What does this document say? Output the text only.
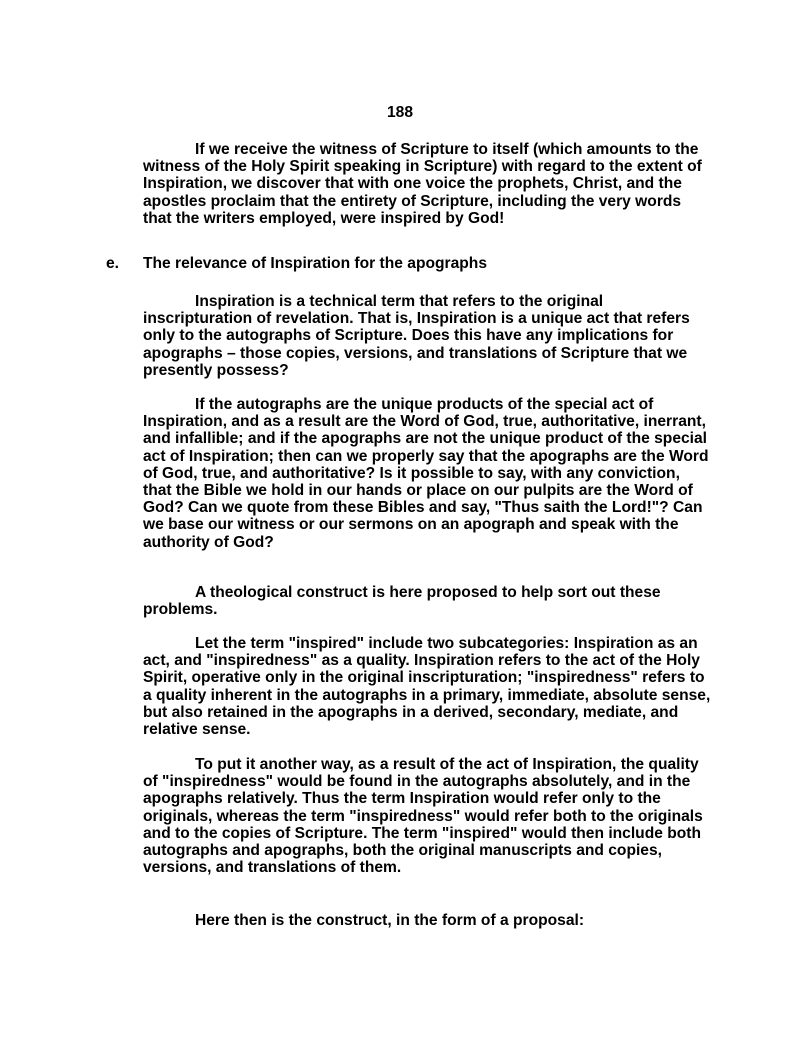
188

If we receive the witness of Scripture to itself (which amounts to the witness of the Holy Spirit speaking in Scripture) with regard to the extent of Inspiration, we discover that with one voice the prophets, Christ, and the apostles proclaim that the entirety of Scripture, including the very words that the writers employed, were inspired by God!

e. The relevance of Inspiration for the apographs

Inspiration is a technical term that refers to the original inscripturation of revelation. That is, Inspiration is a unique act that refers only to the autographs of Scripture. Does this have any implications for apographs – those copies, versions, and translations of Scripture that we presently possess?

If the autographs are the unique products of the special act of Inspiration, and as a result are the Word of God, true, authoritative, inerrant, and infallible; and if the apographs are not the unique product of the special act of Inspiration; then can we properly say that the apographs are the Word of God, true, and authoritative? Is it possible to say, with any conviction, that the Bible we hold in our hands or place on our pulpits are the Word of God? Can we quote from these Bibles and say, "Thus saith the Lord!"? Can we base our witness or our sermons on an apograph and speak with the authority of God?

A theological construct is here proposed to help sort out these problems.

Let the term "inspired" include two subcategories: Inspiration as an act, and "inspiredness" as a quality. Inspiration refers to the act of the Holy Spirit, operative only in the original inscripturation; "inspiredness" refers to a quality inherent in the autographs in a primary, immediate, absolute sense, but also retained in the apographs in a derived, secondary, mediate, and relative sense.

To put it another way, as a result of the act of Inspiration, the quality of "inspiredness" would be found in the autographs absolutely, and in the apographs relatively. Thus the term Inspiration would refer only to the originals, whereas the term "inspiredness" would refer both to the originals and to the copies of Scripture. The term "inspired" would then include both autographs and apographs, both the original manuscripts and copies, versions, and translations of them.

Here then is the construct, in the form of a proposal:
